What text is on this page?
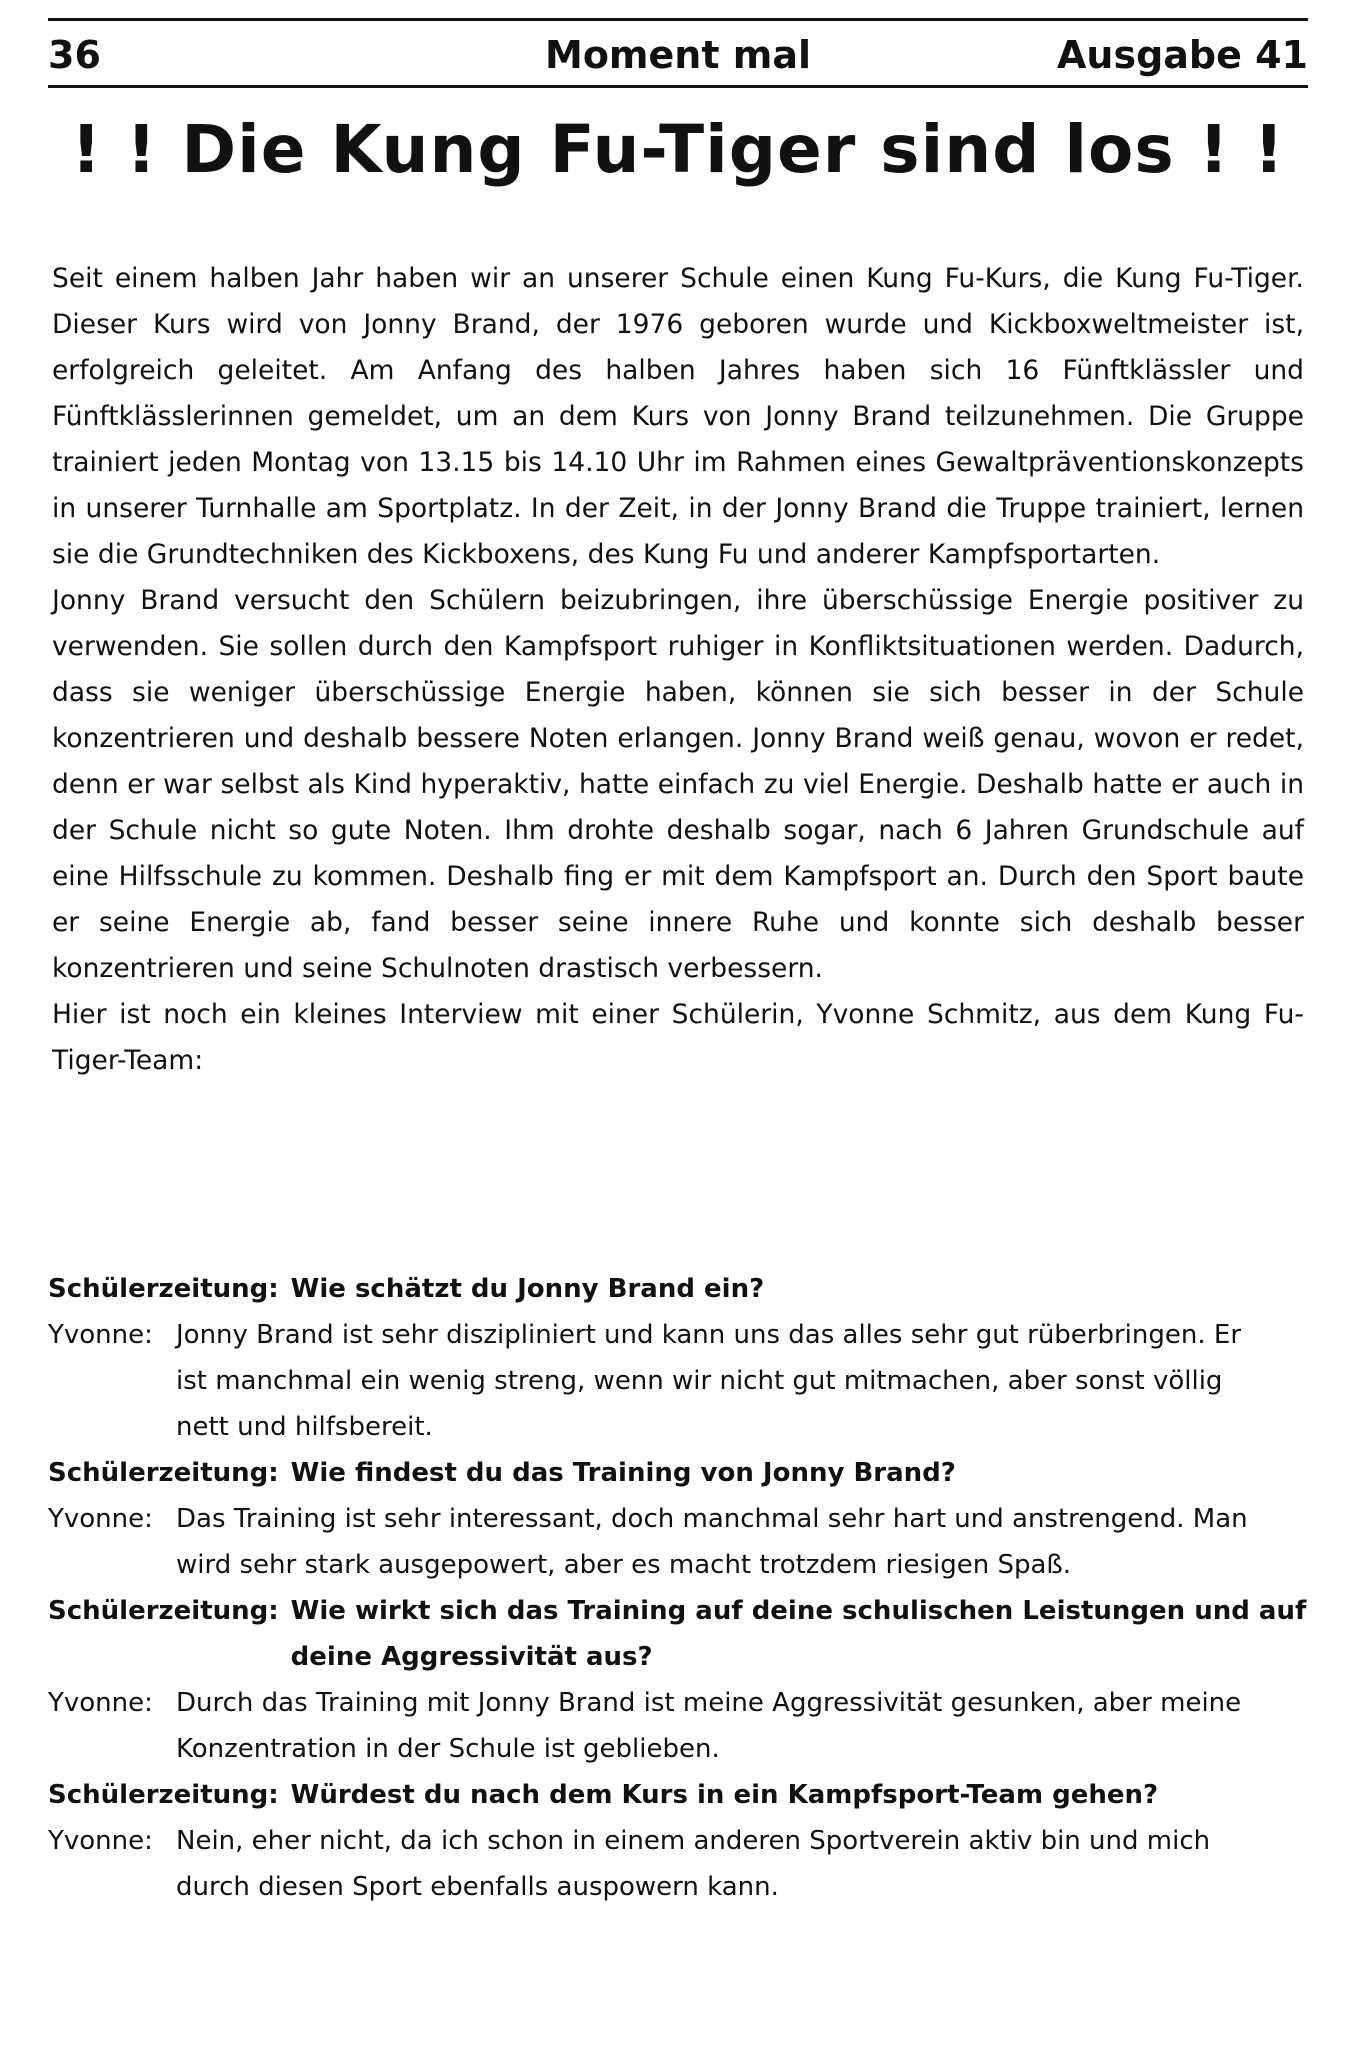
36	Moment mal	Ausgabe 41
! ! Die Kung Fu-Tiger sind los ! !

Seit einem halben Jahr haben wir an unserer Schule einen Kung Fu-Kurs, die Kung Fu-Tiger. Dieser Kurs wird von Jonny Brand, der 1976 geboren wurde und Kickboxweltmeister ist, erfolgreich geleitet. Am Anfang des halben Jahres haben sich 16 Fünftklässler und Fünftklässlerinnen gemeldet, um an dem Kurs von Jonny Brand teilzunehmen. Die Gruppe trainiert jeden Montag von 13.15 bis 14.10 Uhr im Rahmen eines Gewaltpräventionskonzepts in unserer Turnhalle am Sportplatz. In der Zeit, in der Jonny Brand die Truppe trainiert, lernen sie die Grundtechniken des Kickboxens, des Kung Fu und anderer Kampfsportarten.

Jonny Brand versucht den Schülern beizubringen, ihre überschüssige Energie positiver zu verwenden. Sie sollen durch den Kampfsport ruhiger in Konfliktsituationen werden. Dadurch, dass sie weniger überschüssige Energie haben, können sie sich besser in der Schule konzentrieren und deshalb bessere Noten erlangen. Jonny Brand weiß genau, wovon er redet, denn er war selbst als Kind hyperaktiv, hatte einfach zu viel Energie. Deshalb hatte er auch in der Schule nicht so gute Noten. Ihm drohte deshalb sogar, nach 6 Jahren Grundschule auf eine Hilfsschule zu kommen. Deshalb fing er mit dem Kampfsport an. Durch den Sport baute er seine Energie ab, fand besser seine innere Ruhe und konnte sich deshalb besser konzentrieren und seine Schulnoten drastisch verbessern.

Hier ist noch ein kleines Interview mit einer Schülerin, Yvonne Schmitz, aus dem Kung Fu-Tiger-Team:

Schülerzeitung: Wie schätzt du Jonny Brand ein?
Yvonne: Jonny Brand ist sehr diszipliniert und kann uns das alles sehr gut rüberbringen. Er ist manchmal ein wenig streng, wenn wir nicht gut mitmachen, aber sonst völlig nett und hilfsbereit.
Schülerzeitung: Wie findest du das Training von Jonny Brand?
Yvonne: Das Training ist sehr interessant, doch manchmal sehr hart und anstrengend. Man wird sehr stark ausgepowert, aber es macht trotzdem riesigen Spaß.
Schülerzeitung: Wie wirkt sich das Training auf deine schulischen Leistungen und auf deine Aggressivität aus?
Yvonne: Durch das Training mit Jonny Brand ist meine Aggressivität gesunken, aber meine Konzentration in der Schule ist geblieben.
Schülerzeitung: Würdest du nach dem Kurs in ein Kampfsport-Team gehen?
Yvonne: Nein, eher nicht, da ich schon in einem anderen Sportverein aktiv bin und mich durch diesen Sport ebenfalls auspowern kann.
